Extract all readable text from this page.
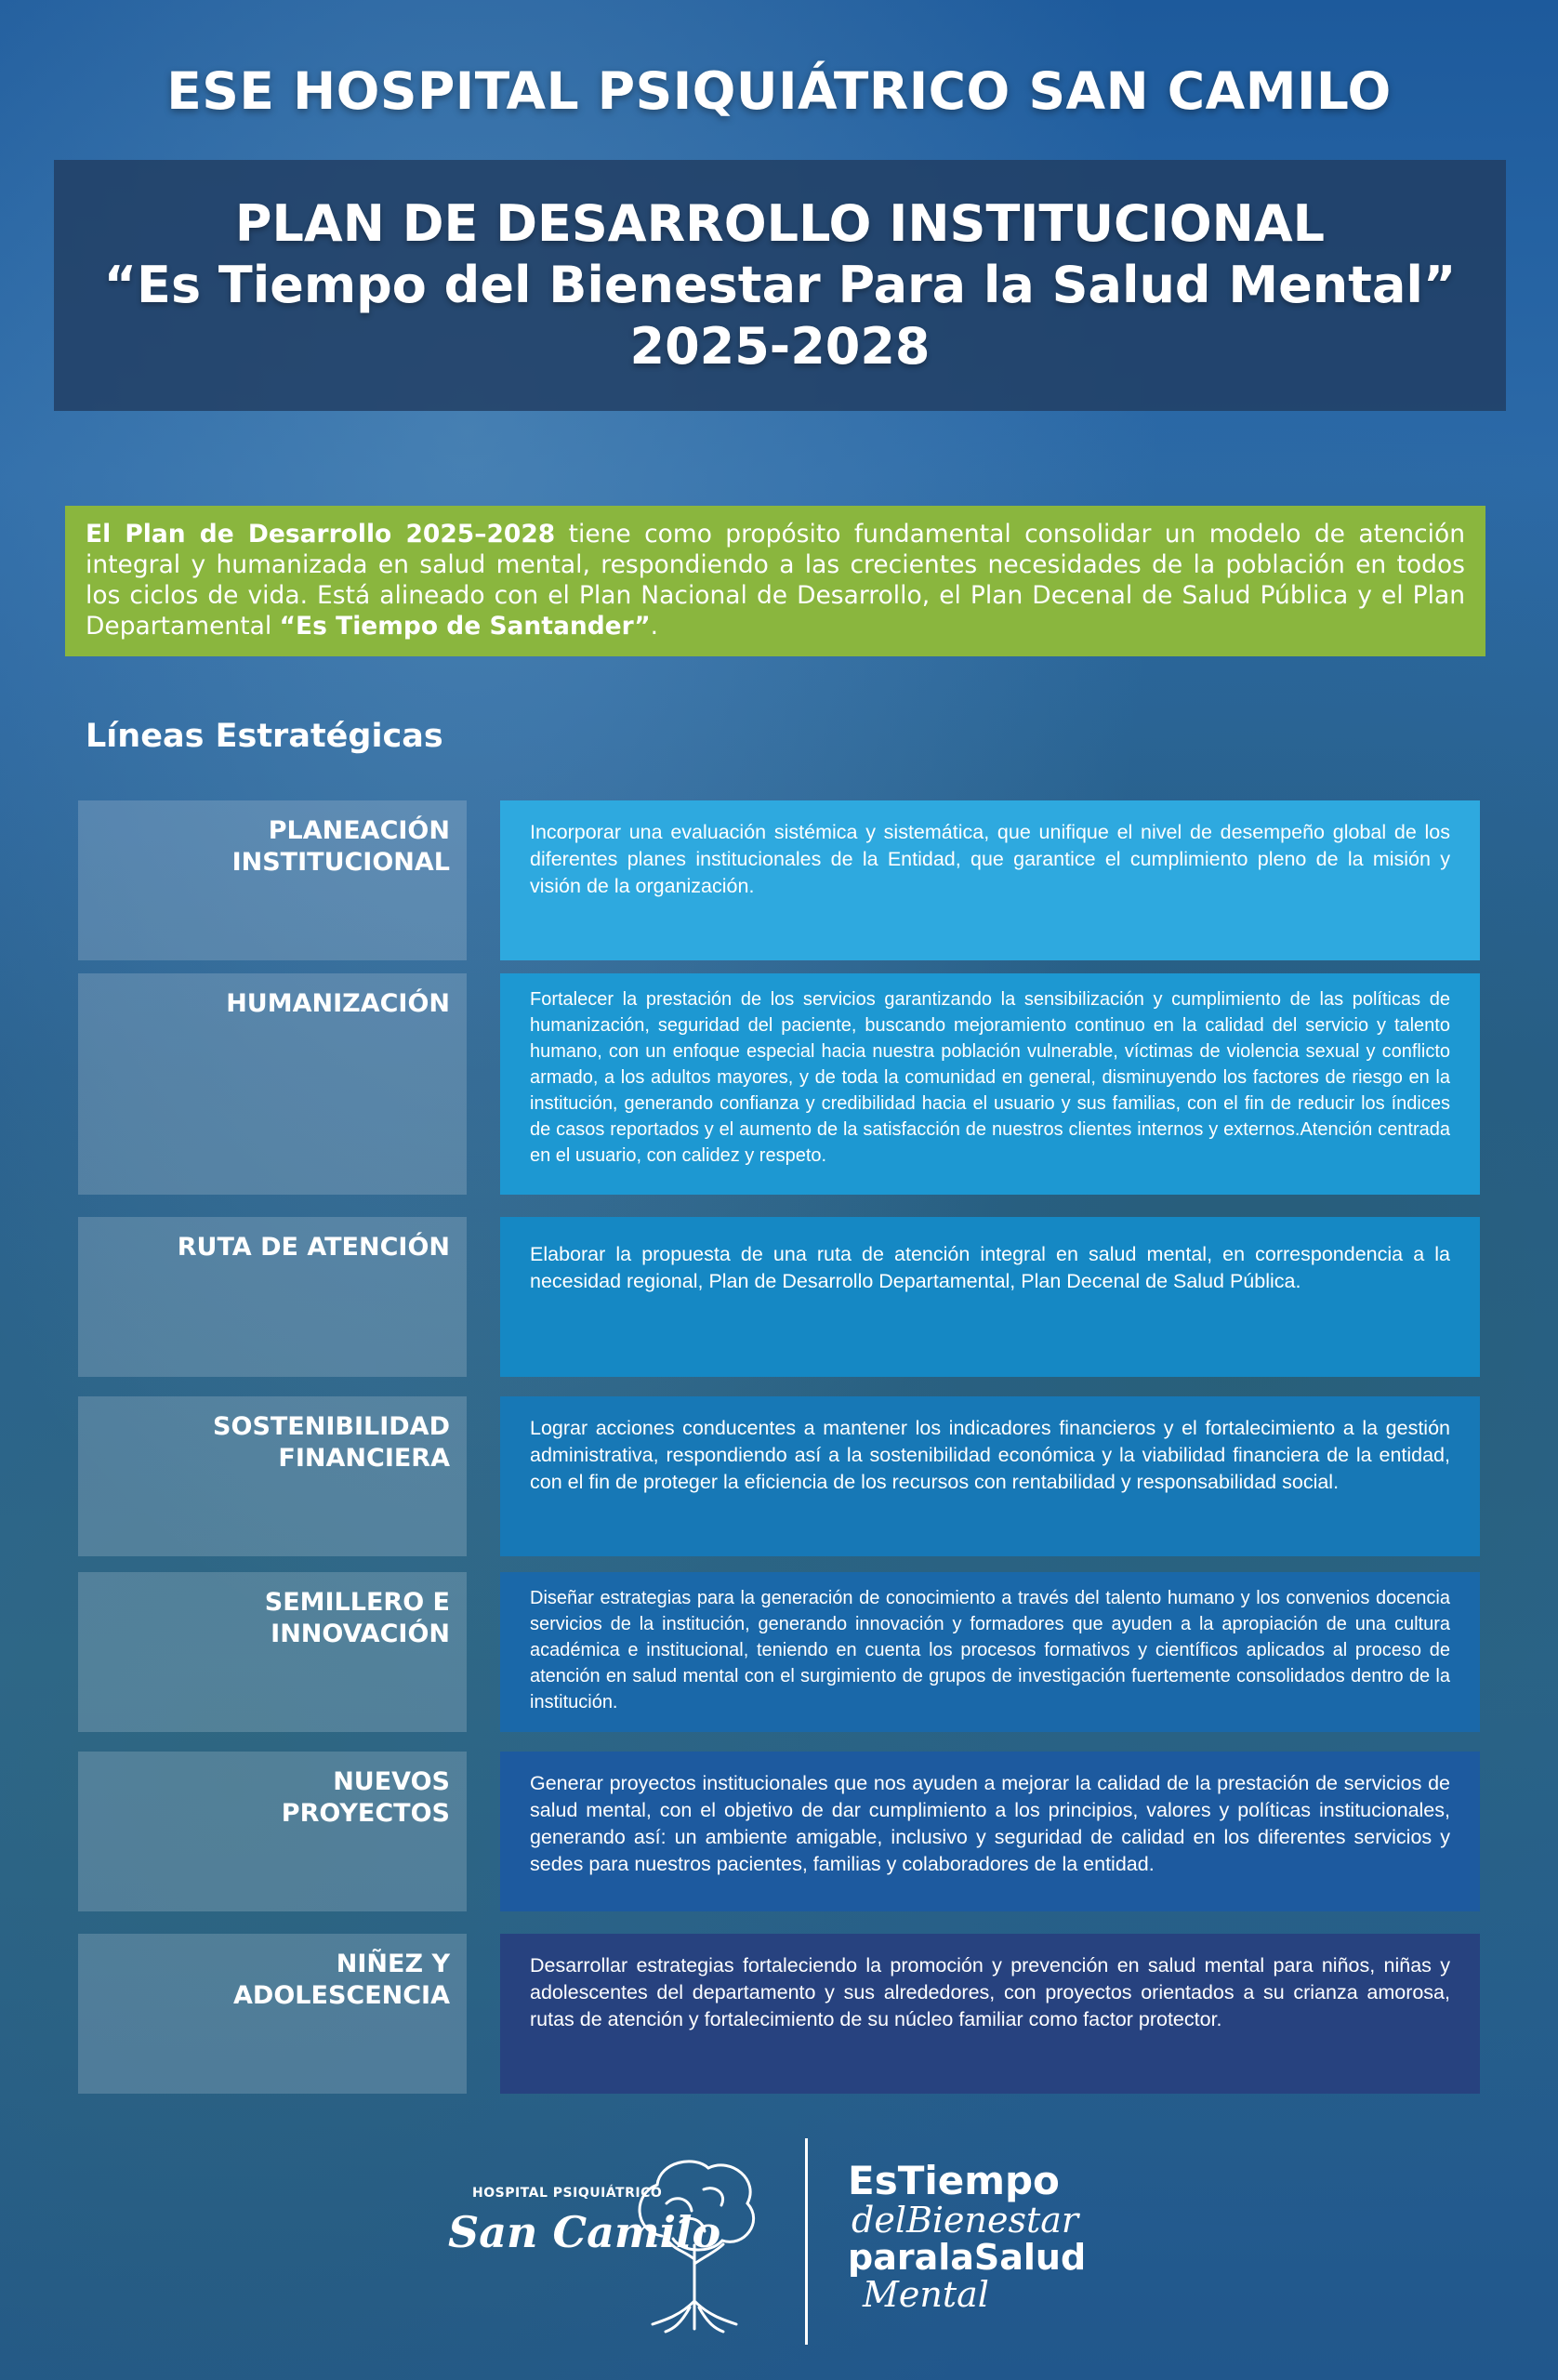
ESE HOSPITAL PSIQUIÁTRICO SAN CAMILO
PLAN DE DESARROLLO INSTITUCIONAL
“Es Tiempo del Bienestar Para la Salud Mental”
2025-2028
El Plan de Desarrollo 2025–2028 tiene como propósito fundamental consolidar un modelo de atención integral y humanizada en salud mental, respondiendo a las crecientes necesidades de la población en todos los ciclos de vida. Está alineado con el Plan Nacional de Desarrollo, el Plan Decenal de Salud Pública y el Plan Departamental “Es Tiempo de Santander”.
Líneas Estratégicas
PLANEACIÓN
INSTITUCIONAL
Incorporar una evaluación sistémica y sistemática, que unifique el nivel de desempeño global de los diferentes planes institucionales de la Entidad, que garantice el cumplimiento pleno de la misión y visión de la organización.
HUMANIZACIÓN	Fortalecer la prestación de los servicios garantizando la sensibilización y cumplimiento de las políticas de humanización, seguridad del paciente, buscando mejoramiento continuo en la calidad del servicio y talento humano, con un enfoque especial hacia nuestra población vulnerable, víctimas de violencia sexual y conflicto armado, a los adultos mayores, y de toda la comunidad en general, disminuyendo los factores de riesgo en la institución, generando confianza y credibilidad hacia el usuario y sus familias, con el fin de reducir los índices de casos reportados y el aumento de la satisfacción de nuestros clientes internos y externos.Atención centrada en el usuario, con calidez y respeto.
RUTA DE ATENCIÓN	Elaborar la propuesta de una ruta de atención integral en salud mental, en correspondencia a la necesidad regional, Plan de Desarrollo Departamental, Plan Decenal de Salud Pública.
SOSTENIBILIDAD
FINANCIERA
Lograr acciones conducentes a mantener los indicadores financieros y el fortalecimiento a la gestión administrativa, respondiendo así a la sostenibilidad económica y la viabilidad financiera de la entidad, con el fin de proteger la eficiencia de los recursos con rentabilidad y responsabilidad social.
SEMILLERO E
INNOVACIÓN
Diseñar estrategias para la generación de conocimiento a través del talento humano y los convenios docencia servicios de la institución, generando innovación y formadores que ayuden a la apropiación de una cultura académica e institucional, teniendo en cuenta los procesos formativos y científicos aplicados al proceso de atención en salud mental con el surgimiento de grupos de investigación fuertemente consolidados dentro de la institución.
NUEVOS
PROYECTOS
Generar proyectos institucionales que nos ayuden a mejorar la calidad de la prestación de servicios de salud mental, con el objetivo de dar cumplimiento a los principios, valores y políticas institucionales, generando así: un ambiente amigable, inclusivo y seguridad de calidad en los diferentes servicios y sedes para nuestros pacientes, familias y colaboradores de la entidad.
NIÑEZ Y
ADOLESCENCIA
Desarrollar estrategias fortaleciendo la promoción y prevención en salud mental para niños, niñas y adolescentes del departamento y sus alrededores, con proyectos orientados a su crianza amorosa, rutas de atención y fortalecimiento de su núcleo familiar como factor protector.
HOSPITAL PSIQUIÁTRICO
San Camilo
EsTiempo
delBienestar
paralaSalud
Mental
